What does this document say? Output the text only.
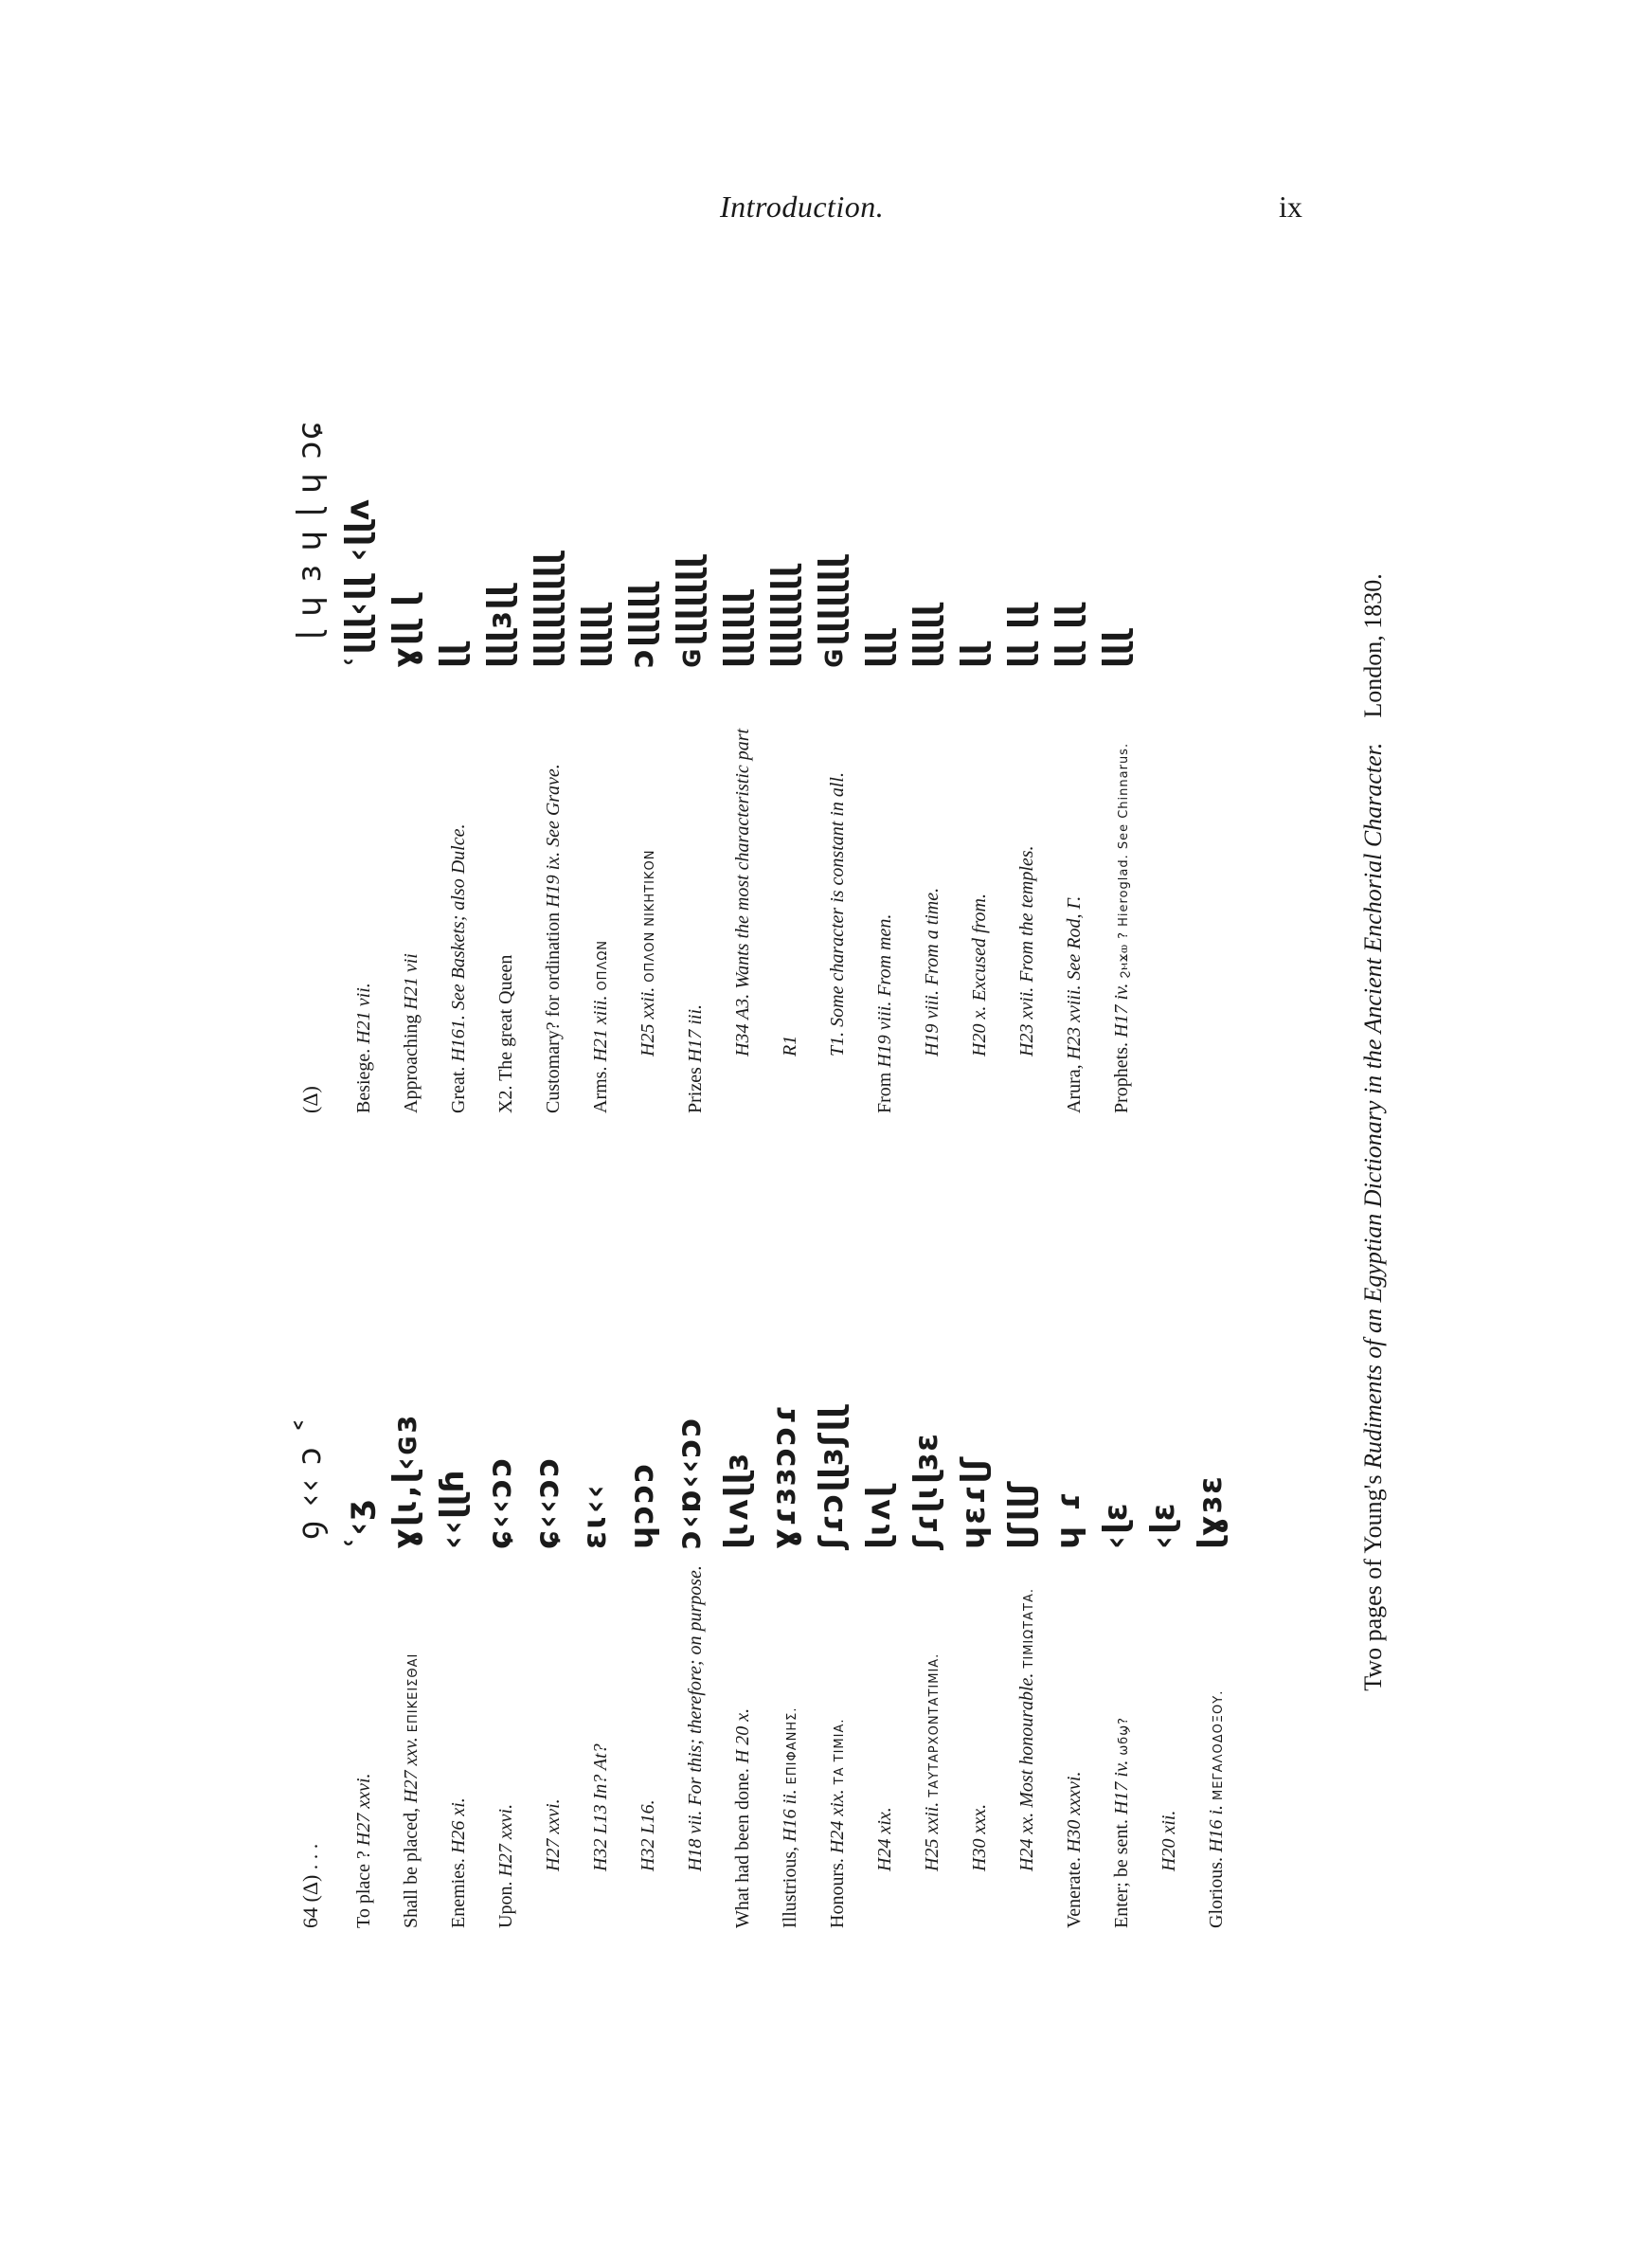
Introduction.	ix
64 (Δ) . . .
ꝯ ‹‹ ɔ ˂
To place ? H27 xxvi.
ʿ‹ʒ
Shall be placed, H27 xxv. ΕΠΙΚΕΙΣΘΑΙ
ɣɭɩ,ɭ‹ɢɜ
Enemies. H26 xi.
‹‹ɭɭɦ
Upon. H27 xxvi.
ɕ‹‹ɔɔ
H27 xxvi.
ɕ‹‹ɔɔ
H32 L13 In? At?
ɛɩ‹‹
H32 L16.
ɥɔɔɔ
H18 vii. For this; therefore; on purpose.
ɔ‹ɒ‹‹ɔɔ
What had been done. H 20 x.
ɭɩʌɭɭɜ
Illustrious, H16 ii. ΕΠΙΦΑΝΗΣ.
ɣɾɜɜɔɔɾ
Honours. H24 xix. ΤΑ ΤΙΜΙΑ.
ʃɾɔɭɭɜʃɭɭ
H24 xix.
ɭɩʌɭ
H25 xxii. ΤΑΥΤΑΡΧΟΝΤΑΤΙΜΙΑ.
ʃɾɭɩɭɜɛ
H30 xxx.
ɥɛɾɭʃ
H24 xx. Most honourable. ΤΙΜΙΩΤΑΤΑ.
ɭʃɭɭʃ
Venerate. H30 xxxvi.
ɥ ɾ
Enter; be sent. H17 iv. ωϭϣ?
‹ɭɛ
H20 xii.
‹ɭɛ
Glorious. H16 i. ΜΕΓΑΛΟΔΟΞΟΥ.
ɭɣɜɛ
(Δ)
ɭ ɥ ɜ ɥ ɭ ɥ ɔɕ
Besiege. H21 vii.
ʿɭɭɭ‹ɭɭ ‹ɭɭʌ
Approaching H21 vii
ɣɭɭ ɭ
Great. H161. See Baskets; also Dulce.
ɭɭ
X2. The great Queen
ɭɭɭɜɭɭ
Customary? for ordination H19 ix. See Grave.
ɭɭɭɭɭɭɭɭɭ
Arms. H21 xiii. ΟΠΛΩΝ
ɭɭɭɭɭ
H25 xxii. ΟΠΛΟΝ ΝΙΚΗΤΙΚΟΝ
ɔɭɭɭɭɭ
Prizes H17 iii.
ɢɭɭɭɭɭɭɭ
H34 A3. Wants the most characteristic part
ɭɭɭɭɭɭ
R1
ɭɭɭɭɭɭɭɭ
T1. Some character is constant in all.
ɢɭɭɭɭɭɭɭ
From H19 viii. From men.
ɭɭɭ
H19 viii. From a time.
ɭɭɭɭɭ
H20 x. Excused from.
ɭɭ
H23 xvii. From the temples.
ɭɭ ɭɭ
Arura, H23 xviii. See Rod, Γ.
ɭɭ ɭɭ
Prophets. H17 iv. ϩⲙϫⲱ ? Hieroglad. See Chinnarus.
ɭɭɭ
Two pages of Young's Rudiments of an Egyptian Dictionary in the Ancient Enchorial Character.    London, 1830.
